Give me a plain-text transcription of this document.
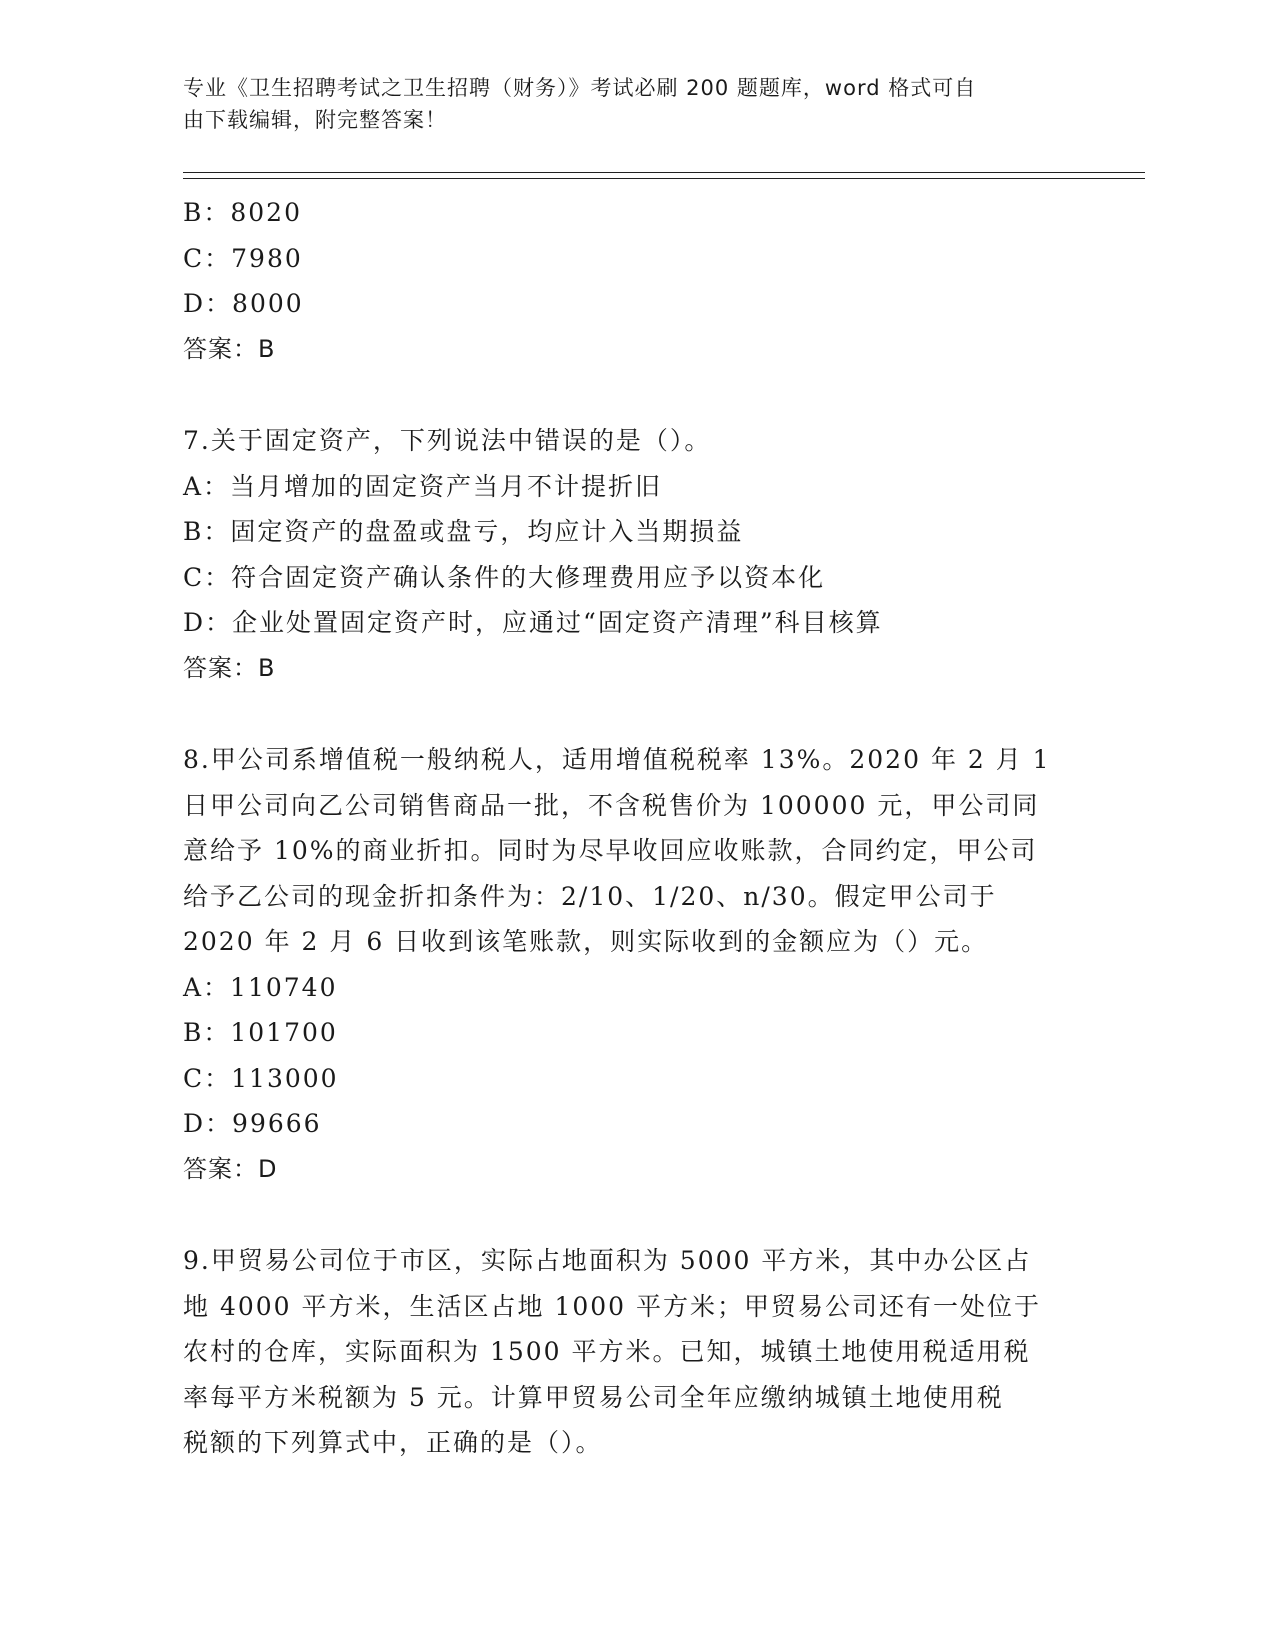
专业《卫生招聘考试之卫生招聘（财务）》考试必刷 200 题题库，word 格式可自
由下载编辑，附完整答案！
B：8020
C：7980
D：8000
答案：B
7.关于固定资产，下列说法中错误的是（）。
A：当月增加的固定资产当月不计提折旧
B：固定资产的盘盈或盘亏，均应计入当期损益
C：符合固定资产确认条件的大修理费用应予以资本化
D：企业处置固定资产时，应通过“固定资产清理”科目核算
答案：B
8.甲公司系增值税一般纳税人，适用增值税税率 13%。2020 年 2 月 1
日甲公司向乙公司销售商品一批，不含税售价为 100000 元，甲公司同
意给予 10%的商业折扣。同时为尽早收回应收账款，合同约定，甲公司
给予乙公司的现金折扣条件为：2/10、1/20、n/30。假定甲公司于
2020 年 2 月 6 日收到该笔账款，则实际收到的金额应为（）元。
A：110740
B：101700
C：113000
D：99666
答案：D
9.甲贸易公司位于市区，实际占地面积为 5000 平方米，其中办公区占
地 4000 平方米，生活区占地 1000 平方米；甲贸易公司还有一处位于
农村的仓库，实际面积为 1500 平方米。已知，城镇土地使用税适用税
率每平方米税额为 5 元。计算甲贸易公司全年应缴纳城镇土地使用税
税额的下列算式中，正确的是（）。
